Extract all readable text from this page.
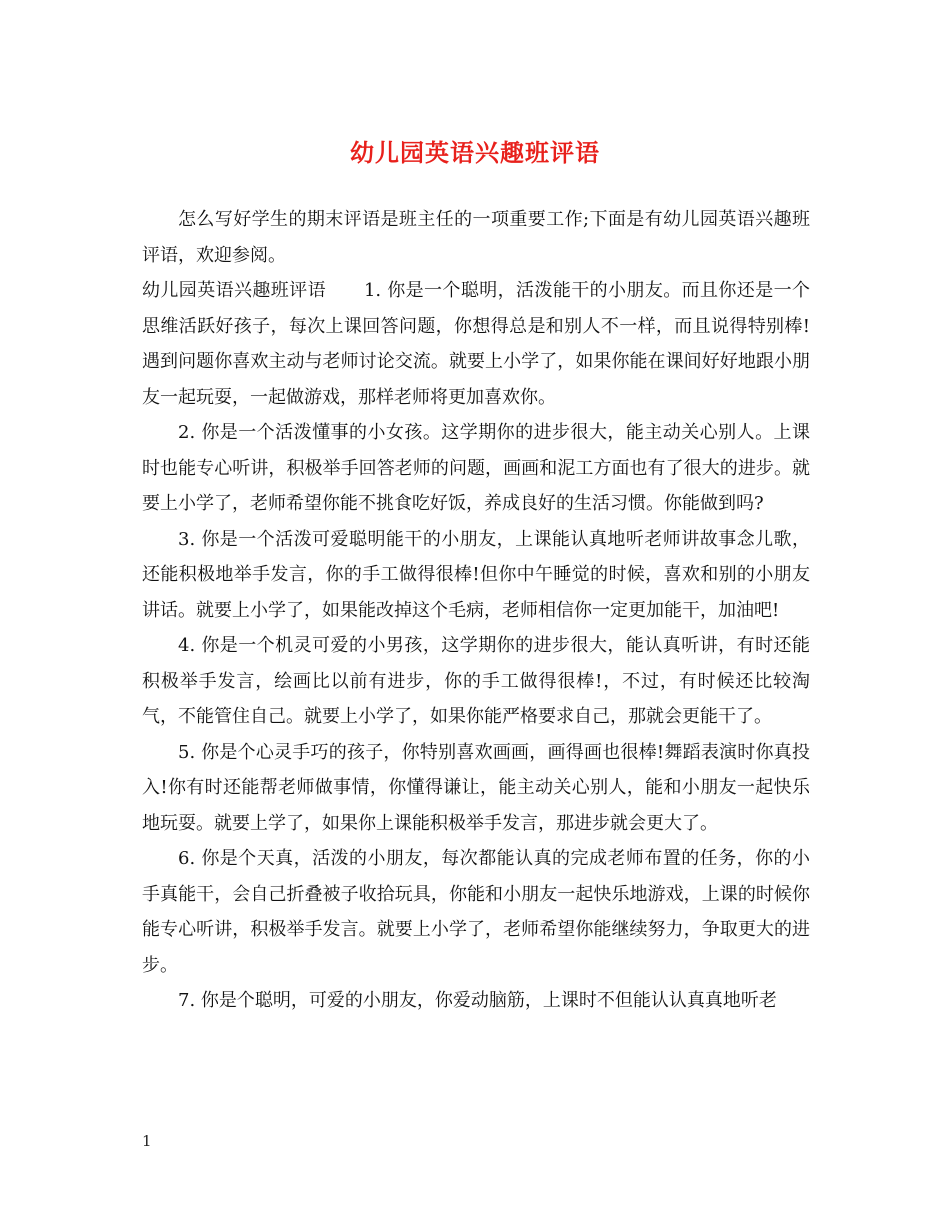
幼儿园英语兴趣班评语

怎么写好学生的期末评语是班主任的一项重要工作;下面是有幼儿园英语兴趣班评语，欢迎参阅。

幼儿园英语兴趣班评语 1. 你是一个聪明，活泼能干的小朋友。而且你还是一个思维活跃好孩子，每次上课回答问题，你想得总是和别人不一样，而且说得特别棒!遇到问题你喜欢主动与老师讨论交流。就要上小学了，如果你能在课间好好地跟小朋友一起玩耍，一起做游戏，那样老师将更加喜欢你。

2. 你是一个活泼懂事的小女孩。这学期你的进步很大，能主动关心别人。上课时也能专心听讲，积极举手回答老师的问题，画画和泥工方面也有了很大的进步。就要上小学了，老师希望你能不挑食吃好饭，养成良好的生活习惯。你能做到吗?

3. 你是一个活泼可爱聪明能干的小朋友，上课能认真地听老师讲故事念儿歌，还能积极地举手发言，你的手工做得很棒!但你中午睡觉的时候，喜欢和别的小朋友讲话。就要上小学了，如果能改掉这个毛病，老师相信你一定更加能干，加油吧!

4. 你是一个机灵可爱的小男孩，这学期你的进步很大，能认真听讲，有时还能积极举手发言，绘画比以前有进步，你的手工做得很棒!，不过，有时候还比较淘气，不能管住自己。就要上小学了，如果你能严格要求自己，那就会更能干了。

5. 你是个心灵手巧的孩子，你特别喜欢画画，画得画也很棒!舞蹈表演时你真投入!你有时还能帮老师做事情，你懂得谦让，能主动关心别人，能和小朋友一起快乐地玩耍。就要上学了，如果你上课能积极举手发言，那进步就会更大了。

6. 你是个天真，活泼的小朋友，每次都能认真的完成老师布置的任务，你的小手真能干，会自己折叠被子收拾玩具，你能和小朋友一起快乐地游戏，上课的时候你能专心听讲，积极举手发言。就要上小学了，老师希望你能继续努力，争取更大的进步。

7. 你是个聪明，可爱的小朋友，你爱动脑筋，上课时不但能认认真真地听老

1
